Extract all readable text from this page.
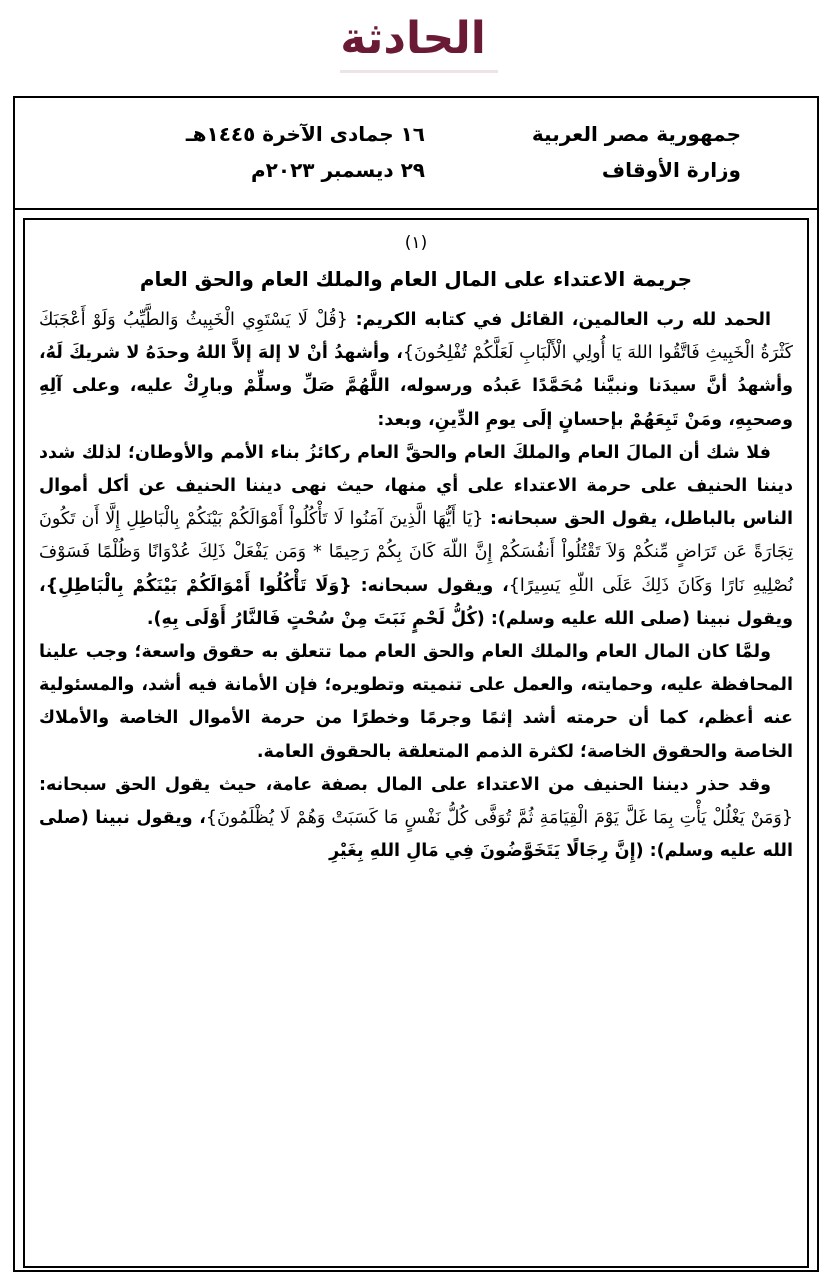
الحادثة
جمهورية مصر العربية
وزارة الأوقاف
١٦ جمادى الآخرة ١٤٤٥هـ
٢٩ ديسمبر ٢٠٢٣م
(١)
جريمة الاعتداء على المال العام والملك العام والحق العام

الحمد لله رب العالمين، القائل في كتابه الكريم: {قُلْ لَا يَسْتَوِي الْخَبِيثُ وَالطَّيِّبُ وَلَوْ أَعْجَبَكَ كَثْرَةُ الْخَبِيثِ فَاتَّقُوا اللهَ يَا أُولِي الْأَلْبَابِ لَعَلَّكُمْ تُفْلِحُونَ}، وأشهدُ أنْ لا إلهَ إلاَّ اللهُ وحدَهُ لا شريكَ لَهُ، وأشهدُ أنَّ سيدَنا ونبيَّنا مُحَمَّدًا عَبدُه ورسوله، اللَّهُمَّ صَلِّ وسلِّمْ وبارِكْ عليه، وعلى آلِهِ وصحبِهِ، ومَنْ تَبِعَهُمْ بإحسانٍ إلَى يومِ الدِّينِ، وبعد:

فلا شك أن المالَ العام والملكَ العام والحقَّ العام ركائزُ بناء الأمم والأوطان؛ لذلك شدد ديننا الحنيف على حرمة الاعتداء على أي منها، حيث نهى ديننا الحنيف عن أكل أموال الناس بالباطل، يقول الحق سبحانه: {يَا أَيُّهَا الَّذِينَ آمَنُوا لَا تَأْكُلُواْ أَمْوَالَكُمْ بَيْنَكُمْ بِالْبَاطِلِ إِلَّا أَن تَكُونَ تِجَارَةً عَن تَرَاضٍ مِّنكُمْ وَلاَ تَقْتُلُواْ أَنفُسَكُمْ إِنَّ اللّهَ كَانَ بِكُمْ رَحِيمًا * وَمَن يَفْعَلْ ذَلِكَ عُدْوَانًا وَظُلْمًا فَسَوْفَ نُصْلِيهِ نَارًا وَكَانَ ذَلِكَ عَلَى اللّهِ يَسِيرًا}، ويقول سبحانه: {وَلَا تَأْكُلُوا أَمْوَالَكُمْ بَيْنَكُمْ بِالْبَاطِلِ}، ويقول نبينا (صلى الله عليه وسلم): (كُلُّ لَحْمٍ نَبَتَ مِنْ سُحْتٍ فَالنَّارُ أَوْلَى بِهِ).

ولمَّا كان المال العام والملك العام والحق العام مما تتعلق به حقوق واسعة؛ وجب علينا المحافظة عليه، وحمايته، والعمل على تنميته وتطويره؛ فإن الأمانة فيه أشد، والمسئولية عنه أعظم، كما أن حرمته أشد إثمًا وجرمًا وخطرًا من حرمة الأموال الخاصة والأملاك الخاصة والحقوق الخاصة؛ لكثرة الذمم المتعلقة بالحقوق العامة.

وقد حذر ديننا الحنيف من الاعتداء على المال بصفة عامة، حيث يقول الحق سبحانه: {وَمَنْ يَغْلُلْ يَأْتِ بِمَا غَلَّ يَوْمَ الْقِيَامَةِ ثُمَّ تُوَفَّى كُلُّ نَفْسٍ مَا كَسَبَتْ وَهُمْ لَا يُظْلَمُونَ}، ويقول نبينا (صلى الله عليه وسلم): (إِنَّ رِجَالًا يَتَخَوَّضُونَ فِي مَالِ اللهِ بِغَيْرِ
